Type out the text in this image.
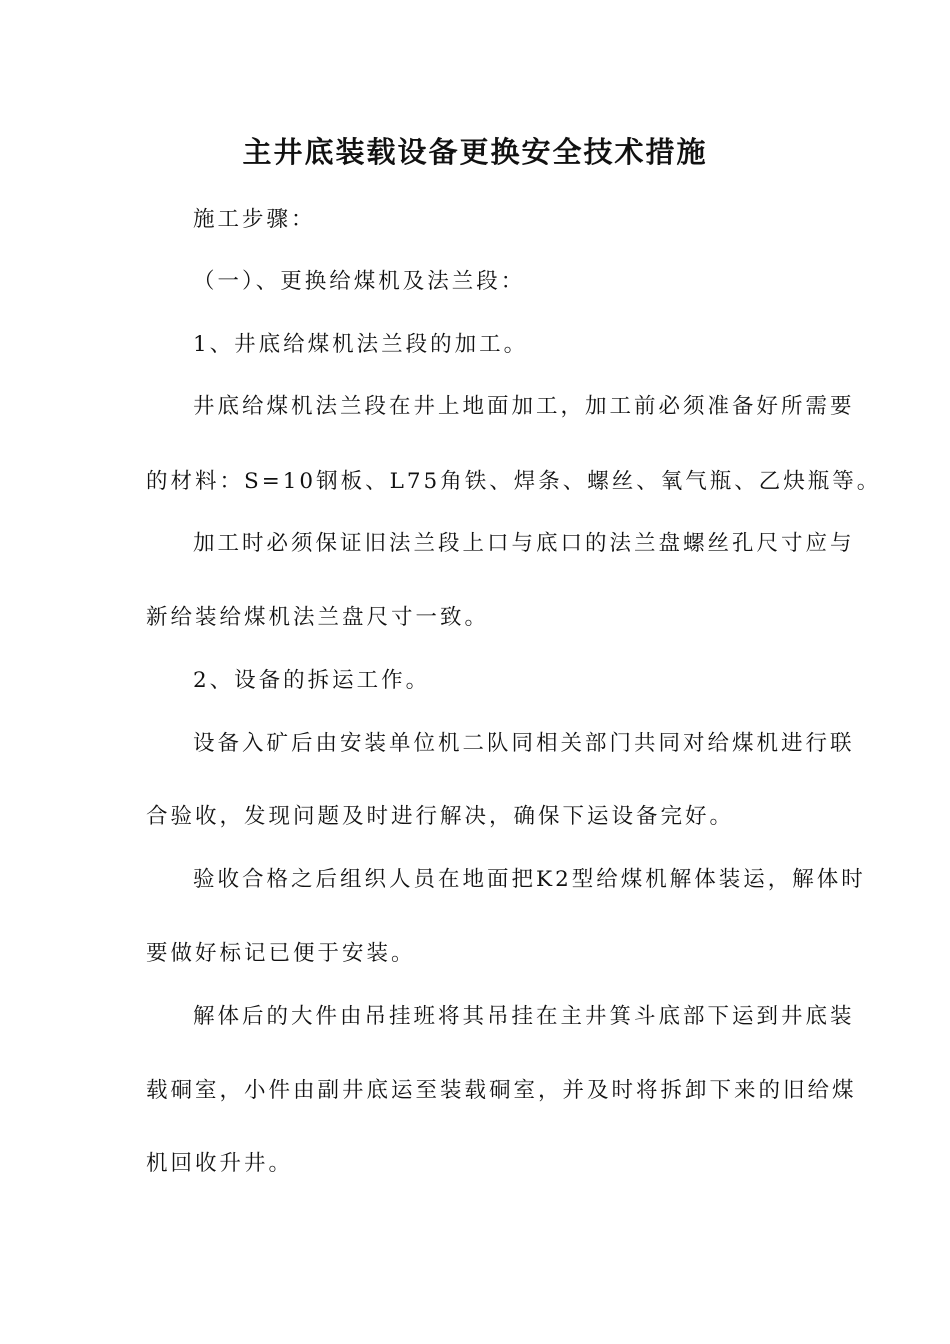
主井底装载设备更换安全技术措施
施工步骤：
（一）、更换给煤机及法兰段：
1、井底给煤机法兰段的加工。
井底给煤机法兰段在井上地面加工，加工前必须准备好所需要
的材料：S=10钢板、L75角铁、焊条、螺丝、氧气瓶、乙炔瓶等。
加工时必须保证旧法兰段上口与底口的法兰盘螺丝孔尺寸应与
新给装给煤机法兰盘尺寸一致。
2、设备的拆运工作。
设备入矿后由安装单位机二队同相关部门共同对给煤机进行联
合验收，发现问题及时进行解决，确保下运设备完好。
验收合格之后组织人员在地面把K2型给煤机解体装运，解体时
要做好标记已便于安装。
解体后的大件由吊挂班将其吊挂在主井箕斗底部下运到井底装
载硐室，小件由副井底运至装载硐室，并及时将拆卸下来的旧给煤
机回收升井。
